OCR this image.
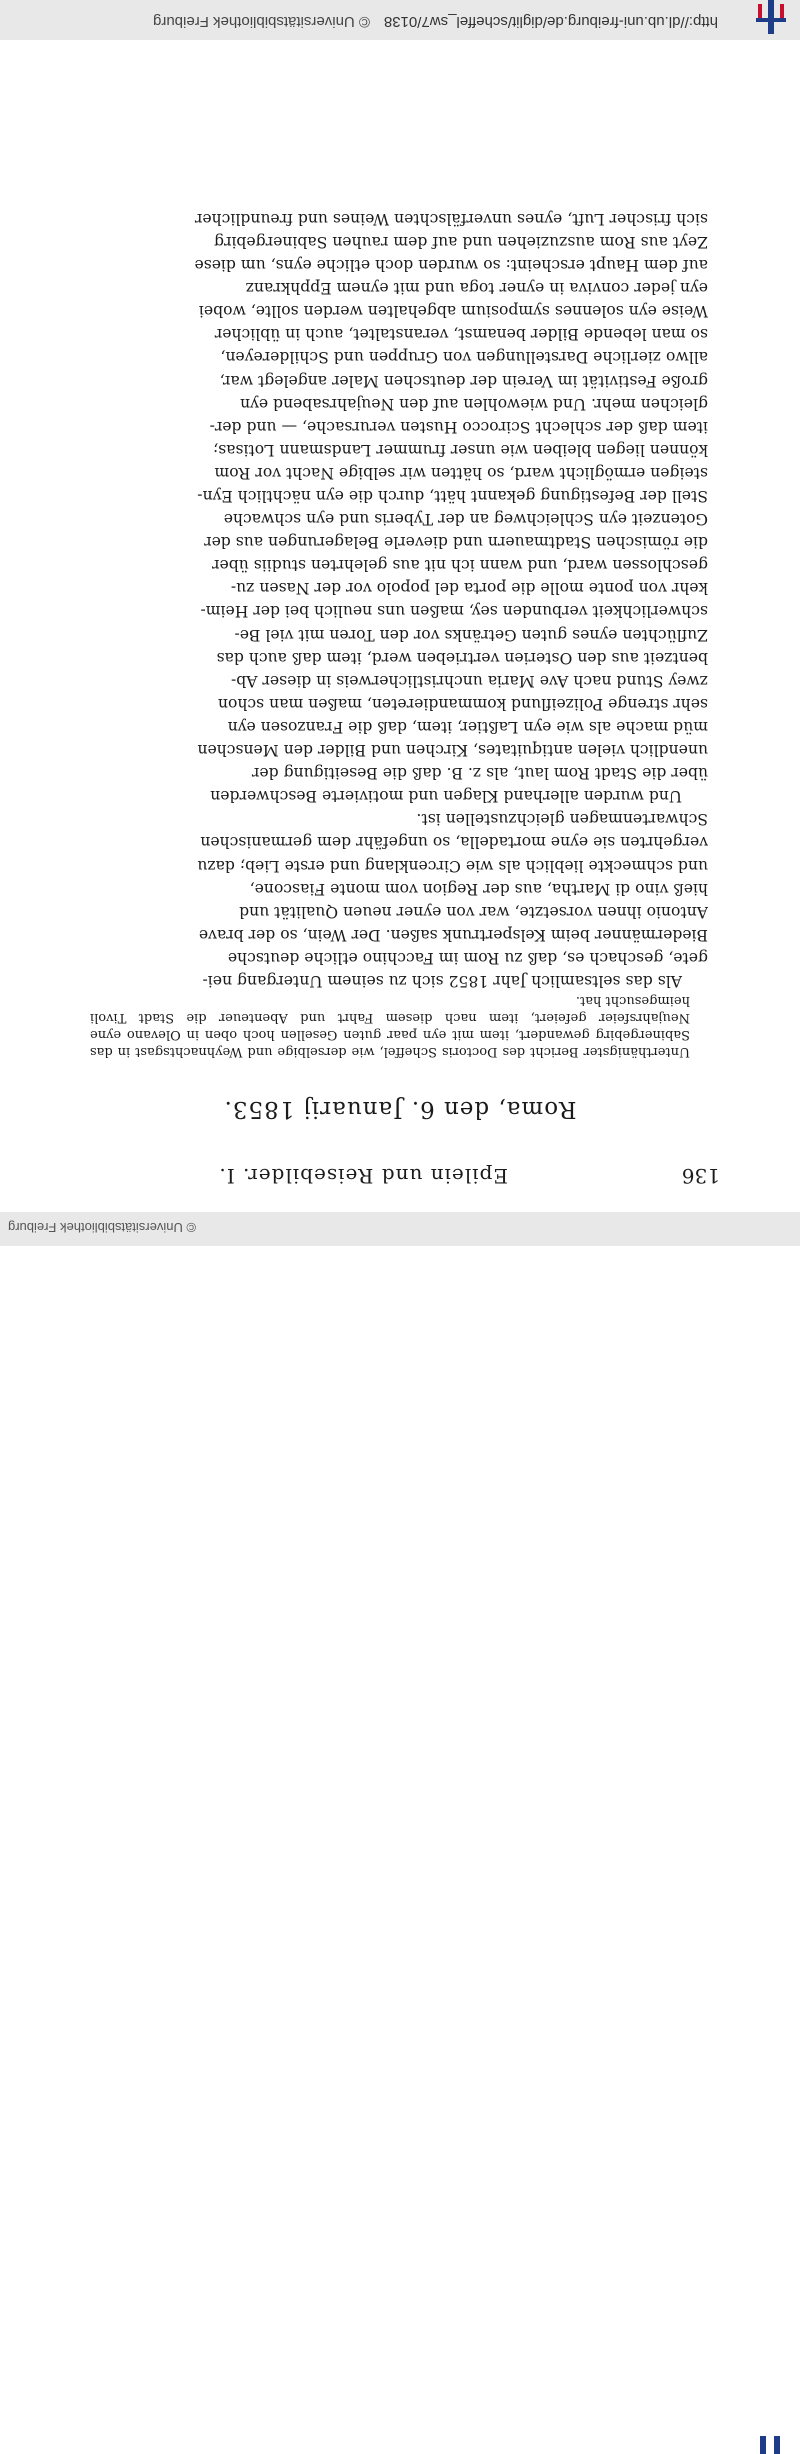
http://dl.ub.uni-freiburg.de/diglit/scheffel_sw7/0138
© Universitätsbibliothek Freiburg
136
Epilein und Reisebilder. I.
Roma, den 6. Januarij 1853.
Unterthänigster Bericht des Doctoris Scheffel, wie derselbige und Weyhnachtsgast in das Sabinergebirg gewandert, item mit eyn paar guten Gesellen hoch oben in Olevano eyne Neujahrsfeier gefeiert, item nach diesem Fahrt und Abenteuer die Stadt Tivoli heimgesucht hat.
Als das seltsamlich Jahr 1852 sich zu seinem Untergang nei-
gete, geschach es, daß zu Rom im Facchino etliche deutsche
Biedermänner beim Kelspertrunk saßen. Der Wein, so der brave
Antonio ihnen vorsetzte, war von eyner neuen Qualität und
hieß vino di Martha, aus der Region vom monte Fiascone,
und schmeckte lieblich als wie Circenklang und erste Lieb; dazu
vergehrten sie eyne mortadella, so ungefähr dem germanischen
Schwartenmagen gleichzustellen ist.
Und wurden allerhand Klagen und motivierte Beschwerden
über die Stadt Rom laut, als z. B. daß die Beseitigung der
unendlich vielen antiquitates, Kirchen und Bilder den Menschen
müd mache als wie eyn Laßtier, item, daß die Franzosen eyn
sehr strenge Polizeiflund kommandiereten, maßen man schon
zwey Stund nach Ave Maria unchristlicherweis in dieser Ab-
bentzeit aus den Osterien vertrieben werd, item daß auch das
Zuflüchten eynes guten Getränks vor den Toren mit viel Be-
schwerlichkeit verbunden sey, maßen uns neulich bei der Heim-
kehr von ponte molle die porta del popolo vor der Nasen zu-
geschlossen ward, und wann ich nit aus gelehrten studiis über
die römischen Stadtmauern und dieverle Belagerungen aus der
Gotenzeit eyn Schleichweg an der Tyberis und eyn schwache
Stell der Befestigung gekannt hätt, durch die eyn nächtlich Eyn-
steigen ermöglicht ward, so hätten wir selbige Nacht vor Rom
können liegen bleiben wie unser frummer Landsmann Lotisas;
item daß der schlecht Scirocco Husten verursache, — und der-
gleichen mehr. Und wiewohlen auf den Neujahrsabend eyn
große Festivität im Verein der deutschen Maler angelegt war,
allwo zierliche Darstellungen von Gruppen und Schildereyen,
so man lebende Bilder benamst, veranstaltet, auch in üblicher
Weise eyn solennes symposium abgehalten werden sollte, wobei
eyn jeder conviva in eyner toga und mit eynem Epphkranz
auf dem Haupt erscheint: so wurden doch etliche eyns, um diese
Zeyt aus Rom auszuziehen und auf dem rauhen Sabinergebirg
sich frischer Luft, eynes unverfälschten Weines und freundlicher
© Universitätsbibliothek Freiburg
